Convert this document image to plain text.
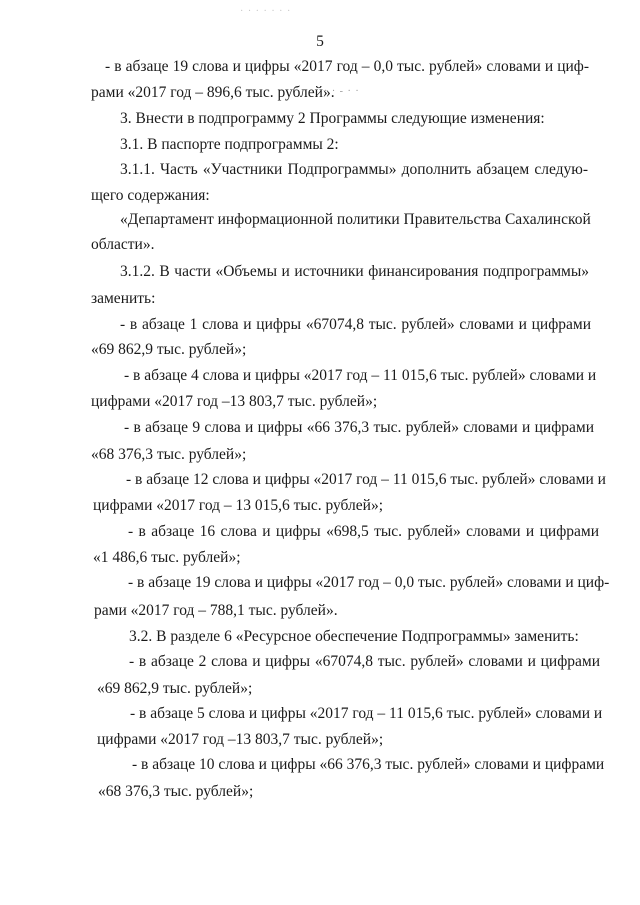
· · · · · · ·
5
· · - · ·
- в абзаце 19 слова и цифры «2017 год – 0,0 тыс. рублей» словами и циф-
рами «2017 год – 896,6 тыс. рублей».
3. Внести в подпрограмму 2 Программы следующие изменения:
3.1. В паспорте подпрограммы 2:
3.1.1. Часть «Участники Подпрограммы» дополнить абзацем следую-
щего содержания:
«Департамент информационной политики Правительства Сахалинской
области».
3.1.2. В части «Объемы и источники финансирования подпрограммы»
заменить:
- в абзаце 1 слова и цифры «67074,8 тыс. рублей» словами и цифрами
«69 862,9 тыс. рублей»;
- в абзаце 4 слова и цифры «2017 год – 11 015,6 тыс. рублей» словами и
цифрами «2017 год –13 803,7 тыс. рублей»;
- в абзаце 9 слова и цифры «66 376,3 тыс. рублей» словами и цифрами
«68 376,3 тыс. рублей»;
- в абзаце 12 слова и цифры «2017 год – 11 015,6 тыс. рублей» словами и
цифрами «2017 год – 13 015,6 тыс. рублей»;
- в абзаце 16 слова и цифры «698,5 тыс. рублей» словами и цифрами
«1 486,6 тыс. рублей»;
- в абзаце 19 слова и цифры «2017 год – 0,0 тыс. рублей» словами и циф-
рами «2017 год – 788,1 тыс. рублей».
3.2. В разделе 6 «Ресурсное обеспечение Подпрограммы» заменить:
- в абзаце 2 слова и цифры «67074,8 тыс. рублей» словами и цифрами
«69 862,9 тыс. рублей»;
- в абзаце 5 слова и цифры «2017 год – 11 015,6 тыс. рублей» словами и
цифрами «2017 год –13 803,7 тыс. рублей»;
- в абзаце 10 слова и цифры «66 376,3 тыс. рублей» словами и цифрами
«68 376,3 тыс. рублей»;
